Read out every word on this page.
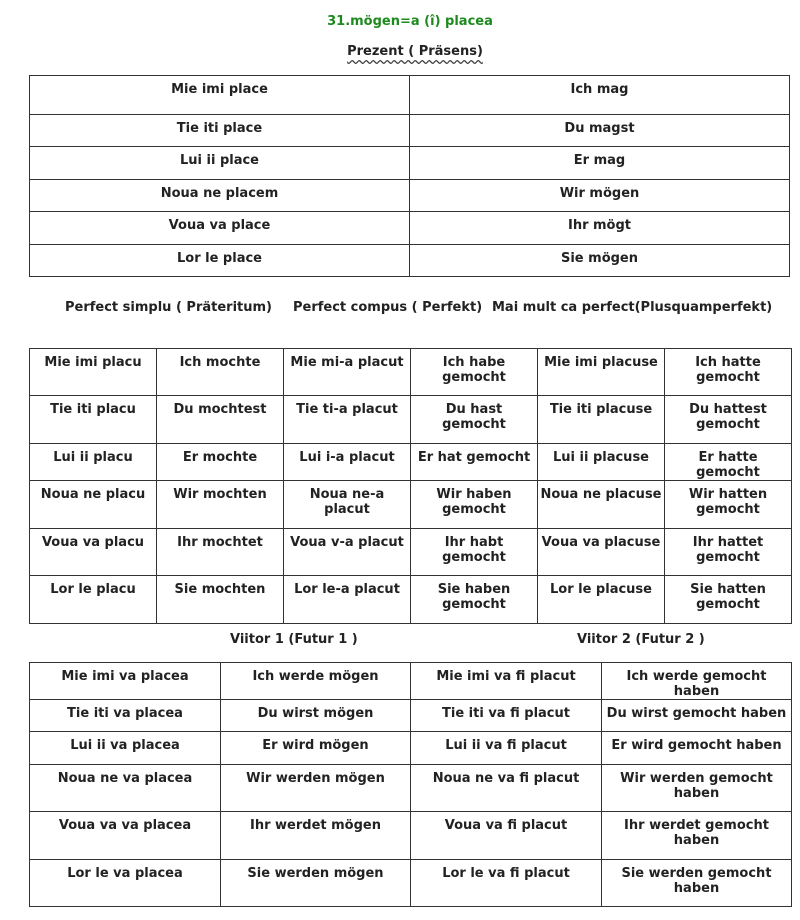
31.mögen=a (î) placea
Prezent ( Präsens)
Mie imi place	Ich mag
Tie iti place	Du magst
Lui ii place	Er mag
Noua ne placem	Wir mögen
Voua va place	Ihr mögt
Lor le place	Sie mögen
Perfect simplu ( Präteritum) Perfect compus ( Perfekt) Mai mult ca perfect(Plusquamperfekt)
Mie imi placu	Ich mochte	Mie mi-a placut	Ich habe gemocht	Mie imi placuse	Ich hatte gemocht
Tie iti placu	Du mochtest	Tie ti-a placut	Du hast gemocht	Tie iti placuse	Du hattest gemocht
Lui ii placu	Er mochte	Lui i-a placut	Er hat gemocht	Lui ii placuse	Er hatte gemocht
Noua ne placu	Wir mochten	Noua ne-a placut	Wir haben gemocht	Noua ne placuse	Wir hatten gemocht
Voua va placu	Ihr mochtet	Voua v-a placut	Ihr habt gemocht	Voua va placuse	Ihr hattet gemocht
Lor le placu	Sie mochten	Lor le-a placut	Sie haben gemocht	Lor le placuse	Sie hatten gemocht
Viitor 1 (Futur 1 )	Viitor 2 (Futur 2 )
Mie imi va placea	Ich werde mögen	Mie imi va fi placut	Ich werde gemocht haben
Tie iti va placea	Du wirst mögen	Tie iti va fi placut	Du wirst gemocht haben
Lui ii va placea	Er wird mögen	Lui ii va fi placut	Er wird gemocht haben
Noua ne va placea	Wir werden mögen	Noua ne va fi placut	Wir werden gemocht haben
Voua va va placea	Ihr werdet mögen	Voua va fi placut	Ihr werdet gemocht haben
Lor le va placea	Sie werden mögen	Lor le va fi placut	Sie werden gemocht haben
